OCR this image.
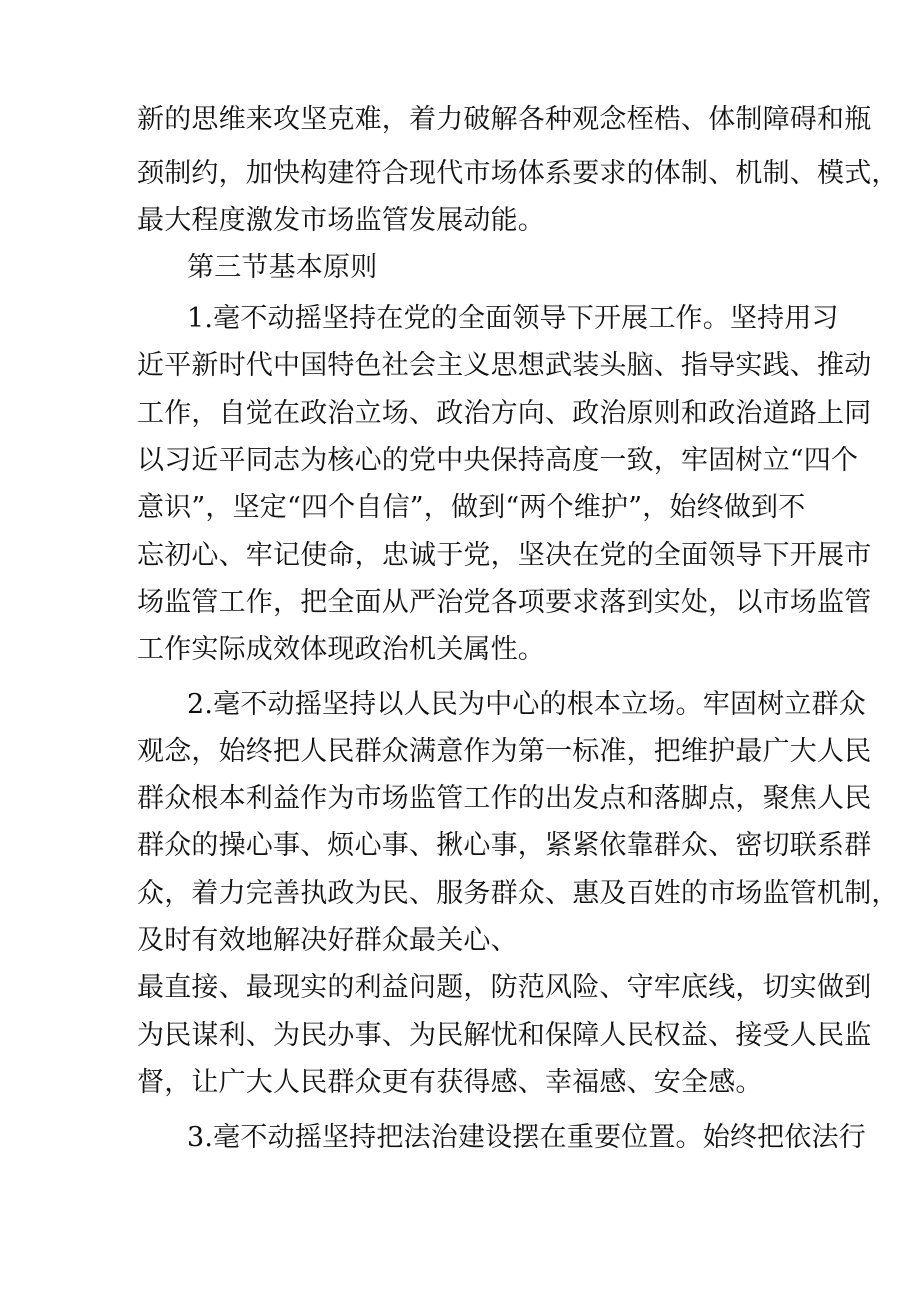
新的思维来攻坚克难，着力破解各种观念桎梏、体制障碍和瓶
颈制约，加快构建符合现代市场体系要求的体制、机制、模式，
最大程度激发市场监管发展动能。
第三节基本原则
1.毫不动摇坚持在党的全面领导下开展工作。坚持用习
近平新时代中国特色社会主义思想武装头脑、指导实践、推动
工作，自觉在政治立场、政治方向、政治原则和政治道路上同
以习近平同志为核心的党中央保持高度一致，牢固树立“四个
意识”，坚定“四个自信”，做到“两个维护”，始终做到不
忘初心、牢记使命，忠诚于党，坚决在党的全面领导下开展市
场监管工作，把全面从严治党各项要求落到实处，以市场监管
工作实际成效体现政治机关属性。
2.毫不动摇坚持以人民为中心的根本立场。牢固树立群众
观念，始终把人民群众满意作为第一标准，把维护最广大人民
群众根本利益作为市场监管工作的出发点和落脚点，聚焦人民
群众的操心事、烦心事、揪心事，紧紧依靠群众、密切联系群
众，着力完善执政为民、服务群众、惠及百姓的市场监管机制，
及时有效地解决好群众最关心、
最直接、最现实的利益问题，防范风险、守牢底线，切实做到
为民谋利、为民办事、为民解忧和保障人民权益、接受人民监
督，让广大人民群众更有获得感、幸福感、安全感。
3.毫不动摇坚持把法治建设摆在重要位置。始终把依法行
